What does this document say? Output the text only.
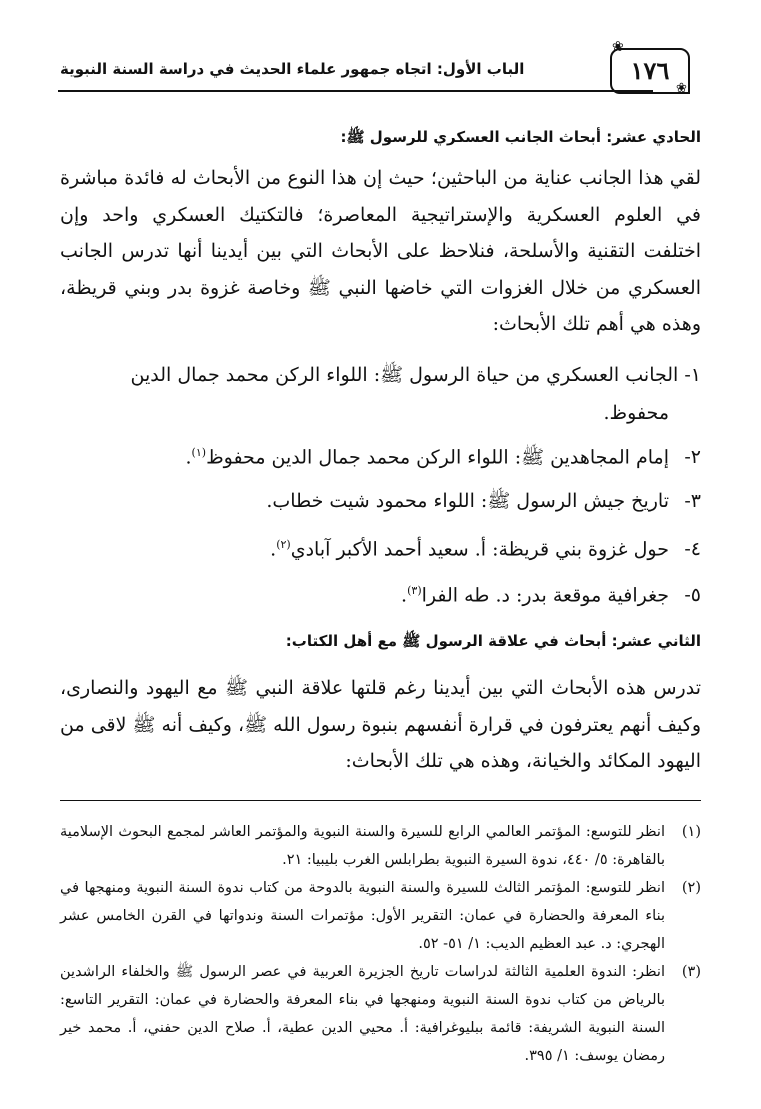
❀
١٧٦
❀
الباب الأول: اتجاه جمهور علماء الحديث في دراسة السنة النبوية
الحادي عشر: أبحاث الجانب العسكري للرسول ﷺ:
لقي هذا الجانب عناية من الباحثين؛ حيث إن هذا النوع من الأبحاث له فائدة مباشرة في العلوم العسكرية والإستراتيجية المعاصرة؛ فالتكتيك العسكري واحد وإن اختلفت التقنية والأسلحة، فنلاحظ على الأبحاث التي بين أيدينا أنها تدرس الجانب العسكري من خلال الغزوات التي خاضها النبي ﷺ وخاصة غزوة بدر وبني قريظة، وهذه هي أهم تلك الأبحاث:
١- الجانب العسكري من حياة الرسول ﷺ: اللواء الركن محمد جمال الدين محفوظ.
٢-إمام المجاهدين ﷺ: اللواء الركن محمد جمال الدين محفوظ$^{(١)}$.
٣-تاريخ جيش الرسول ﷺ: اللواء محمود شيت خطاب.
٤-حول غزوة بني قريظة: أ. سعيد أحمد الأكبر آبادي$^{(٢)}$.
٥-جغرافية موقعة بدر: د. طه الفرا$^{(٣)}$.
الثاني عشر: أبحاث في علاقة الرسول ﷺ مع أهل الكتاب:
تدرس هذه الأبحاث التي بين أيدينا رغم قلتها علاقة النبي ﷺ مع اليهود والنصارى، وكيف أنهم يعترفون في قرارة أنفسهم بنبوة رسول الله ﷺ، وكيف أنه ﷺ لاقى من اليهود المكائد والخيانة، وهذه هي تلك الأبحاث:
(١)
انظر للتوسع: المؤتمر العالمي الرابع للسيرة والسنة النبوية والمؤتمر العاشر لمجمع البحوث الإسلامية بالقاهرة: ٥/ ٤٤٠، ندوة السيرة النبوية بطرابلس الغرب بليبيا: ٢١.
(٢)
انظر للتوسع: المؤتمر الثالث للسيرة والسنة النبوية بالدوحة من كتاب ندوة السنة النبوية ومنهجها في بناء المعرفة والحضارة في عمان: التقرير الأول: مؤتمرات السنة وندواتها في القرن الخامس عشر الهجري: د. عبد العظيم الديب: ١/ ٥١- ٥٢.
(٣)
انظر: الندوة العلمية الثالثة لدراسات تاريخ الجزيرة العربية في عصر الرسول ﷺ والخلفاء الراشدين بالرياض من كتاب ندوة السنة النبوية ومنهجها في بناء المعرفة والحضارة في عمان: التقرير التاسع: السنة النبوية الشريفة: قائمة ببليوغرافية: أ. محيي الدين عطية، أ. صلاح الدين حفني، أ. محمد خير رمضان يوسف: ١/ ٣٩٥.
